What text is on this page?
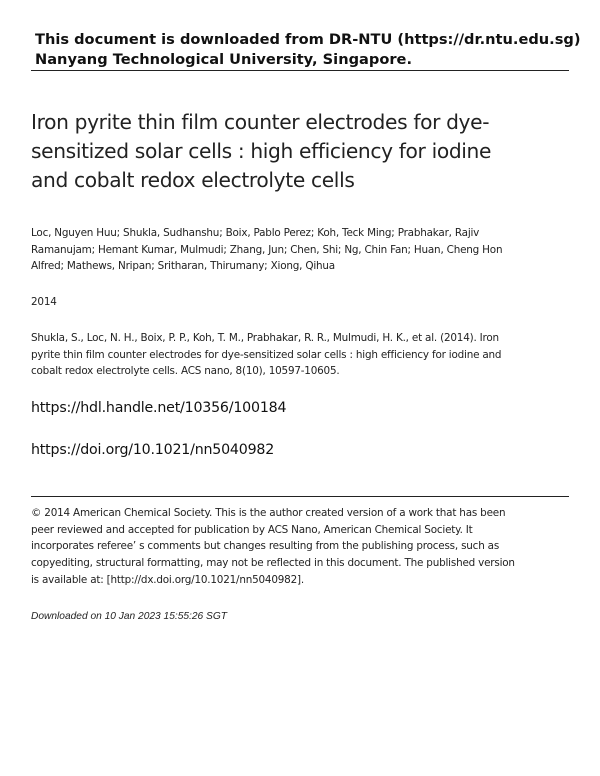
This document is downloaded from DR-NTU (https://dr.ntu.edu.sg)
Nanyang Technological University, Singapore.
Iron pyrite thin film counter electrodes for dye-sensitized solar cells : high efficiency for iodine and cobalt redox electrolyte cells
Loc, Nguyen Huu; Shukla, Sudhanshu; Boix, Pablo Perez; Koh, Teck Ming; Prabhakar, Rajiv Ramanujam; Hemant Kumar, Mulmudi; Zhang, Jun; Chen, Shi; Ng, Chin Fan; Huan, Cheng Hon Alfred; Mathews, Nripan; Sritharan, Thirumany; Xiong, Qihua
2014
Shukla, S., Loc, N. H., Boix, P. P., Koh, T. M., Prabhakar, R. R., Mulmudi, H. K., et al. (2014). Iron pyrite thin film counter electrodes for dye-sensitized solar cells : high efficiency for iodine and cobalt redox electrolyte cells. ACS nano, 8(10), 10597-10605.
https://hdl.handle.net/10356/100184
https://doi.org/10.1021/nn5040982
© 2014 American Chemical Society. This is the author created version of a work that has been peer reviewed and accepted for publication by ACS Nano, American Chemical Society. It incorporates referee’ s comments but changes resulting from the publishing process, such as copyediting, structural formatting, may not be reflected in this document. The published version is available at: [http://dx.doi.org/10.1021/nn5040982].
Downloaded on 10 Jan 2023 15:55:26 SGT
